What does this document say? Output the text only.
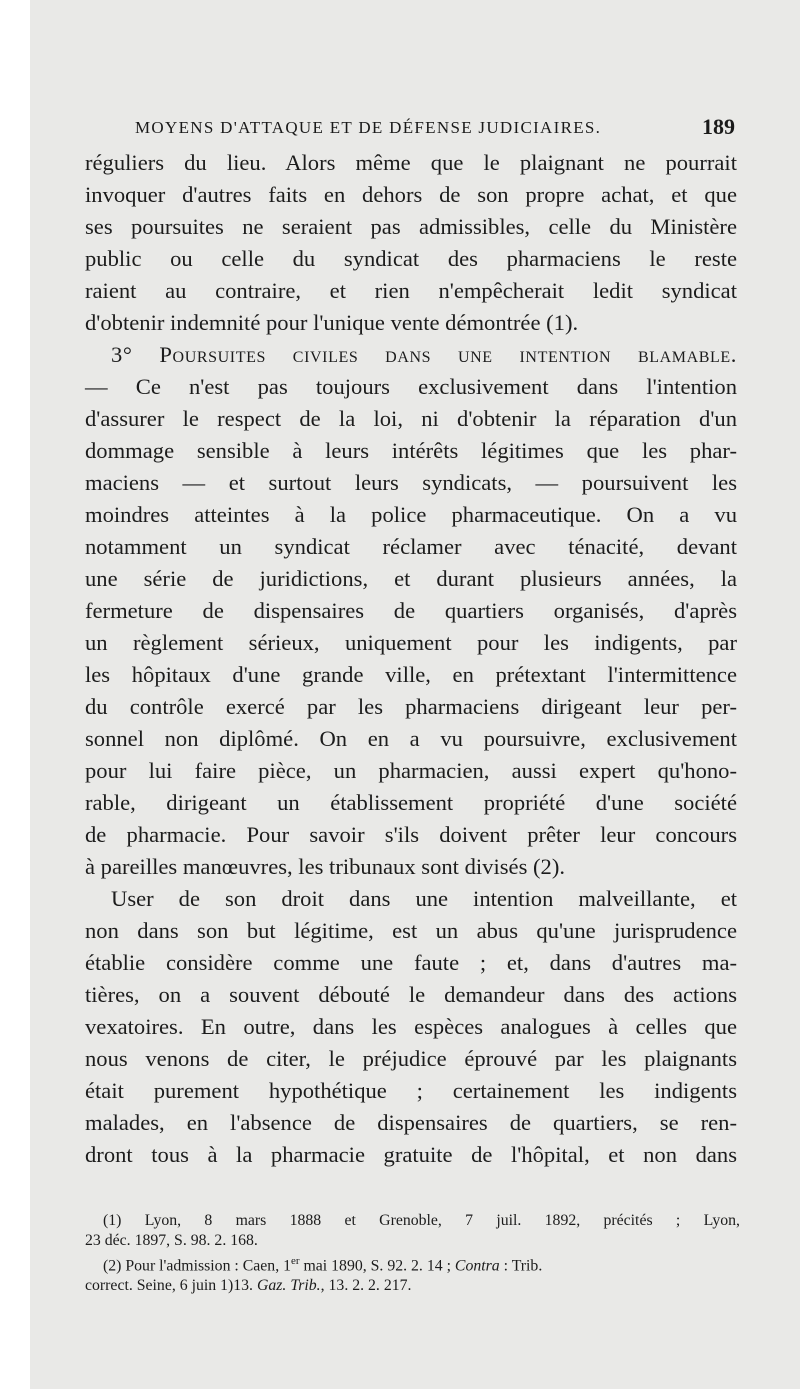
MOYENS D'ATTAQUE ET DE DÉFENSE JUDICIAIRES.	189
réguliers du lieu. Alors même que le plaignant ne pourrait
invoquer d'autres faits en dehors de son propre achat, et que
ses poursuites ne seraient pas admissibles, celle du Ministère
public ou celle du syndicat des pharmaciens le reste
raient au contraire, et rien n'empêcherait ledit syndicat
d'obtenir indemnité pour l'unique vente démontrée (1).
3° Poursuites civiles dans une intention blamable.
— Ce n'est pas toujours exclusivement dans l'intention
d'assurer le respect de la loi, ni d'obtenir la réparation d'un
dommage sensible à leurs intérêts légitimes que les phar-
maciens — et surtout leurs syndicats, — poursuivent les
moindres atteintes à la police pharmaceutique. On a vu
notamment un syndicat réclamer avec ténacité, devant
une série de juridictions, et durant plusieurs années, la
fermeture de dispensaires de quartiers organisés, d'après
un règlement sérieux, uniquement pour les indigents, par
les hôpitaux d'une grande ville, en prétextant l'intermittence
du contrôle exercé par les pharmaciens dirigeant leur per-
sonnel non diplômé. On en a vu poursuivre, exclusivement
pour lui faire pièce, un pharmacien, aussi expert qu'hono-
rable, dirigeant un établissement propriété d'une société
de pharmacie. Pour savoir s'ils doivent prêter leur concours
à pareilles manœuvres, les tribunaux sont divisés (2).
User de son droit dans une intention malveillante, et
non dans son but légitime, est un abus qu'une jurisprudence
établie considère comme une faute ; et, dans d'autres ma-
tières, on a souvent débouté le demandeur dans des actions
vexatoires. En outre, dans les espèces analogues à celles que
nous venons de citer, le préjudice éprouvé par les plaignants
était purement hypothétique ; certainement les indigents
malades, en l'absence de dispensaires de quartiers, se ren-
dront tous à la pharmacie gratuite de l'hôpital, et non dans
(1) Lyon, 8 mars 1888 et Grenoble, 7 juil. 1892, précités ; Lyon,
23 déc. 1897, S. 98. 2. 168.
(2) Pour l'admission : Caen, 1er mai 1890, S. 92. 2. 14 ; Contra : Trib.
correct. Seine, 6 juin 1)13. Gaz. Trib., 13. 2. 2. 217.
